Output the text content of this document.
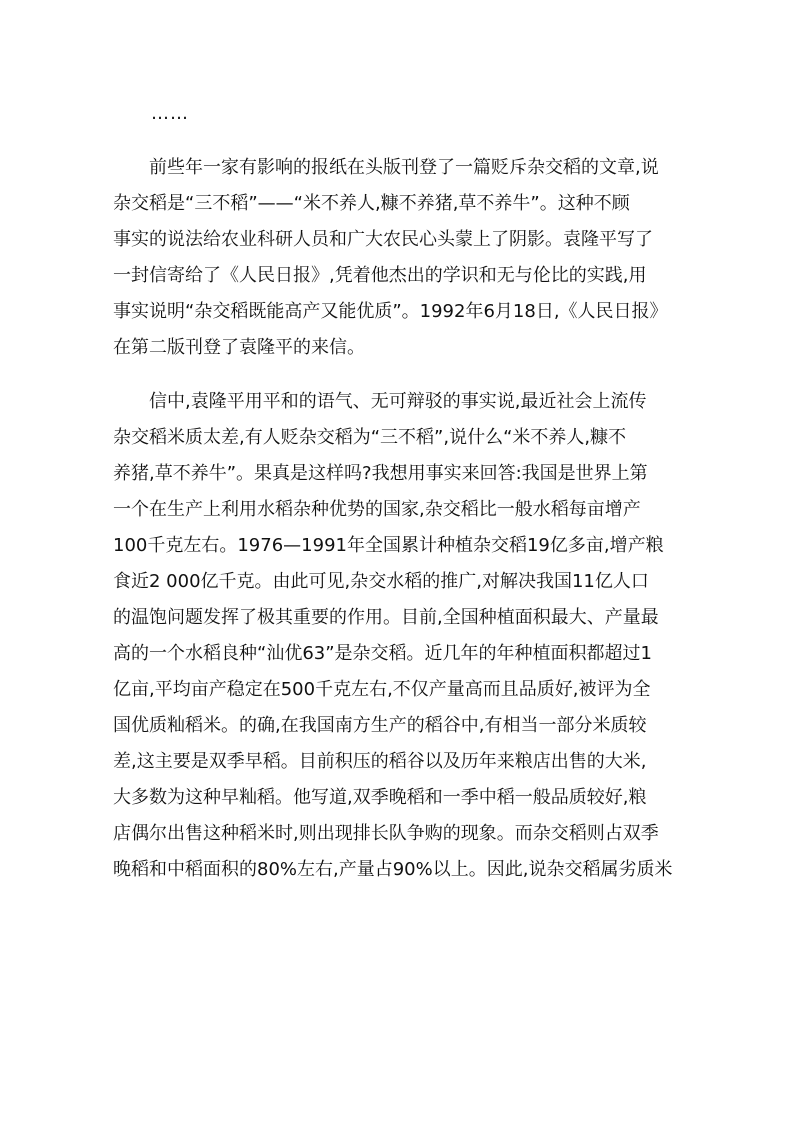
……

前些年一家有影响的报纸在头版刊登了一篇贬斥杂交稻的文章,说
杂交稻是“三不稻”——“米不养人,糠不养猪,草不养牛”。这种不顾
事实的说法给农业科研人员和广大农民心头蒙上了阴影。袁隆平写了
一封信寄给了《人民日报》,凭着他杰出的学识和无与伦比的实践,用
事实说明“杂交稻既能高产又能优质”。1992年6月18日,《人民日报》
在第二版刊登了袁隆平的来信。

信中,袁隆平用平和的语气、无可辩驳的事实说,最近社会上流传
杂交稻米质太差,有人贬杂交稻为“三不稻”,说什么“米不养人,糠不
养猪,草不养牛”。果真是这样吗?我想用事实来回答:我国是世界上第
一个在生产上利用水稻杂种优势的国家,杂交稻比一般水稻每亩增产
100千克左右。1976—1991年全国累计种植杂交稻19亿多亩,增产粮
食近2 000亿千克。由此可见,杂交水稻的推广,对解决我国11亿人口
的温饱问题发挥了极其重要的作用。目前,全国种植面积最大、产量最
高的一个水稻良种“汕优63”是杂交稻。近几年的年种植面积都超过1
亿亩,平均亩产稳定在500千克左右,不仅产量高而且品质好,被评为全
国优质籼稻米。的确,在我国南方生产的稻谷中,有相当一部分米质较
差,这主要是双季早稻。目前积压的稻谷以及历年来粮店出售的大米,
大多数为这种早籼稻。他写道,双季晚稻和一季中稻一般品质较好,粮
店偶尔出售这种稻米时,则出现排长队争购的现象。而杂交稻则占双季
晚稻和中稻面积的80%左右,产量占90%以上。因此,说杂交稻属劣质米
